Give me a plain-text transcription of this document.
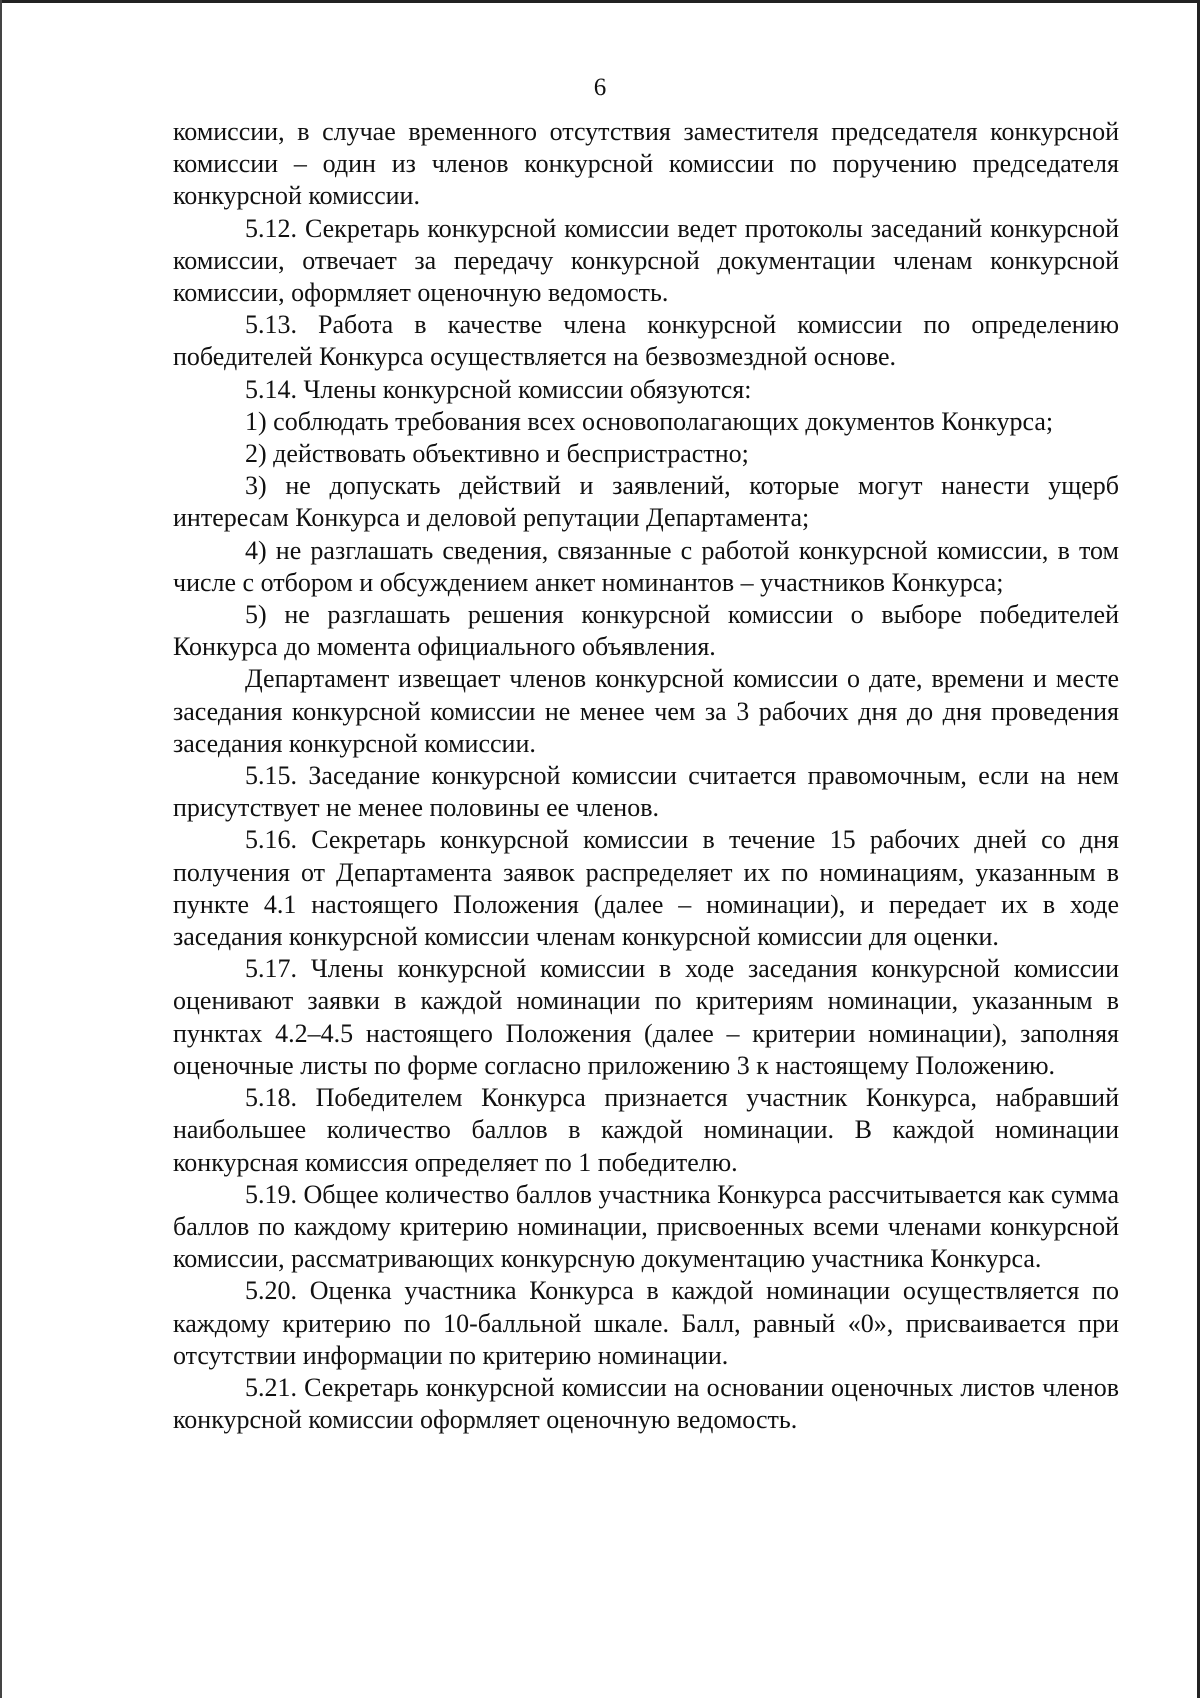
6

комиссии, в случае временного отсутствия заместителя председателя конкурсной комиссии – один из членов конкурсной комиссии по поручению председателя конкурсной комиссии.

5.12. Секретарь конкурсной комиссии ведет протоколы заседаний конкурсной комиссии, отвечает за передачу конкурсной документации членам конкурсной комиссии, оформляет оценочную ведомость.

5.13. Работа в качестве члена конкурсной комиссии по определению победителей Конкурса осуществляется на безвозмездной основе.

5.14. Члены конкурсной комиссии обязуются:

1) соблюдать требования всех основополагающих документов Конкурса;

2) действовать объективно и беспристрастно;

3) не допускать действий и заявлений, которые могут нанести ущерб интересам Конкурса и деловой репутации Департамента;

4) не разглашать сведения, связанные с работой конкурсной комиссии, в том числе с отбором и обсуждением анкет номинантов – участников Конкурса;

5) не разглашать решения конкурсной комиссии о выборе победителей Конкурса до момента официального объявления.

Департамент извещает членов конкурсной комиссии о дате, времени и месте заседания конкурсной комиссии не менее чем за 3 рабочих дня до дня проведения заседания конкурсной комиссии.

5.15. Заседание конкурсной комиссии считается правомочным, если на нем присутствует не менее половины ее членов.

5.16. Секретарь конкурсной комиссии в течение 15 рабочих дней со дня получения от Департамента заявок распределяет их по номинациям, указанным в пункте 4.1 настоящего Положения (далее – номинации), и передает их в ходе заседания конкурсной комиссии членам конкурсной комиссии для оценки.

5.17. Члены конкурсной комиссии в ходе заседания конкурсной комиссии оценивают заявки в каждой номинации по критериям номинации, указанным в пунктах 4.2–4.5 настоящего Положения (далее – критерии номинации), заполняя оценочные листы по форме согласно приложению 3 к настоящему Положению.

5.18. Победителем Конкурса признается участник Конкурса, набравший наибольшее количество баллов в каждой номинации. В каждой номинации конкурсная комиссия определяет по 1 победителю.

5.19. Общее количество баллов участника Конкурса рассчитывается как сумма баллов по каждому критерию номинации, присвоенных всеми членами конкурсной комиссии, рассматривающих конкурсную документацию участника Конкурса.

5.20. Оценка участника Конкурса в каждой номинации осуществляется по каждому критерию по 10-балльной шкале. Балл, равный «0», присваивается при отсутствии информации по критерию номинации.

5.21. Секретарь конкурсной комиссии на основании оценочных листов членов конкурсной комиссии оформляет оценочную ведомость.
